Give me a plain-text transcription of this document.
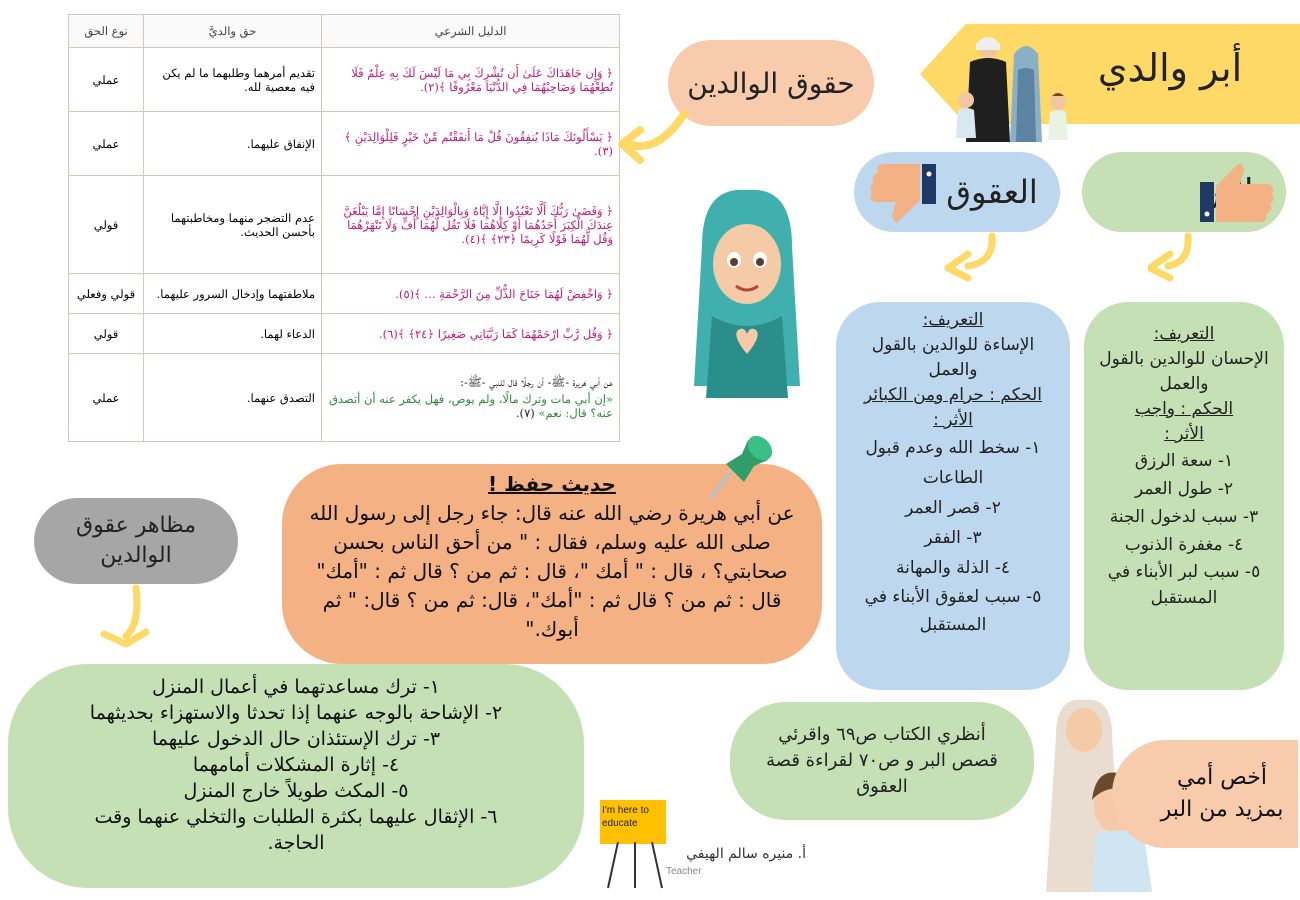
الدليل الشرعي	حق والديَّ	نوع الحق
﴿ وَإِن جَاهَدَاكَ عَلَىٰ أَن تُشْرِكَ بِي مَا لَيْسَ لَكَ بِهِ عِلْمٌ فَلَا تُطِعْهُمَا وَصَاحِبْهُمَا فِي الدُّنْيَا مَعْرُوفًا ﴾(٢).	تقديم أمرهما وطلبهما ما لم يكن فيه معصية لله.	عملي
﴿ يَسْأَلُونَكَ مَاذَا يُنفِقُونَ قُلْ مَا أَنفَقْتُم مِّنْ خَيْرٍ فَلِلْوَالِدَيْنِ ﴾(٣).	الإنفاق عليهما.	عملي
﴿ وَقَضَىٰ رَبُّكَ أَلَّا تَعْبُدُوا إِلَّا إِيَّاهُ وَبِالْوَالِدَيْنِ إِحْسَانًا إِمَّا يَبْلُغَنَّ عِندَكَ الْكِبَرَ أَحَدُهُمَا أَوْ كِلَاهُمَا فَلَا تَقُل لَّهُمَا أُفٍّ وَلَا تَنْهَرْهُمَا وَقُل لَّهُمَا قَوْلًا كَرِيمًا ﴿٢٣﴾ ﴾(٤).	عدم التضجر منهما ومخاطبتهما بأحسن الحديث.	قولي
﴿ وَاخْفِضْ لَهُمَا جَنَاحَ الذُّلِّ مِنَ الرَّحْمَةِ ... ﴾(٥).	ملاطفتهما وإدخال السرور عليهما.	قولي وفعلي
﴿ وَقُل رَّبِّ ارْحَمْهُمَا كَمَا رَبَّيَانِي صَغِيرًا ﴿٢٤﴾ ﴾(٦).	الدعاء لهما.	قولي
عن أبي هريرة -ﷺ- أن رجلًا قال للنبي -ﷺ-:
«إن أبي مات وترك مالًا، ولم يوص، فهل يكفر عنه أن أتصدق عنه؟ قال: نعم» (٧).	التصدق عنهما.	عملي
أبر والدي
حقوق الوالدين
العقوق
التعريف:
الإساءة للوالدين بالقول والعمل
الحكم : حرام ومن الكبائر
الأثر :
١- سخط الله وعدم قبول الطاعات
٢- قصر العمر
٣- الفقر
٤- الذلة والمهانة
٥- سبب لعقوق الأبناء في المستقبل
التعريف:
الإحسان للوالدين بالقول والعمل
الحكم : واجب
الأثر :
١- سعة الرزق
٢- طول العمر
٣- سبب لدخول الجنة
٤- مغفرة الذنوب
٥- سبب لبر الأبناء في المستقبل
حديث حفظ !
عن أبي هريرة رضي الله عنه قال: جاء رجل إلى رسول الله صلى الله عليه وسلم، فقال : " من أحق الناس بحسن صحابتي؟ ، قال : " أمك "، قال : ثم من ؟ قال ثم : "أمك" قال : ثم من ؟ قال ثم : "أمك"، قال: ثم من ؟ قال: " ثم أبوك."
مظاهر عقوق الوالدين
١- ترك مساعدتهما في أعمال المنزل
٢- الإشاحة بالوجه عنهما إذا تحدثا والاستهزاء بحديثهما
٣- ترك الإستئذان حال الدخول عليهما
٤- إثارة المشكلات أمامهما
٥- المكث طويلاً خارج المنزل
٦- الإثقال عليهما بكثرة الطلبات والتخلي عنهما وقت الحاجة.
I'm here to educate
أ. منيره سالم الهيفي
Teacher
أنظري الكتاب ص٦٩ واقرئي قصص البر و ص٧٠ لقراءة قصة العقوق	أخص أمي بمزيد من البر
